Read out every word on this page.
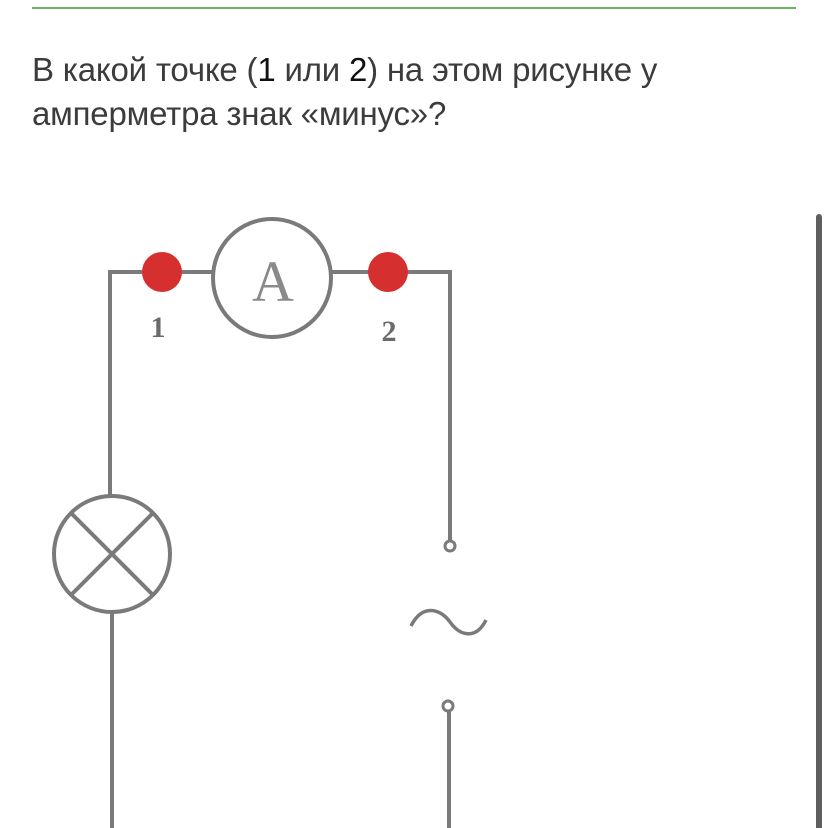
В какой точке (1 или 2) на этом рисунке у амперметра знак «минус»?
A
1	2
